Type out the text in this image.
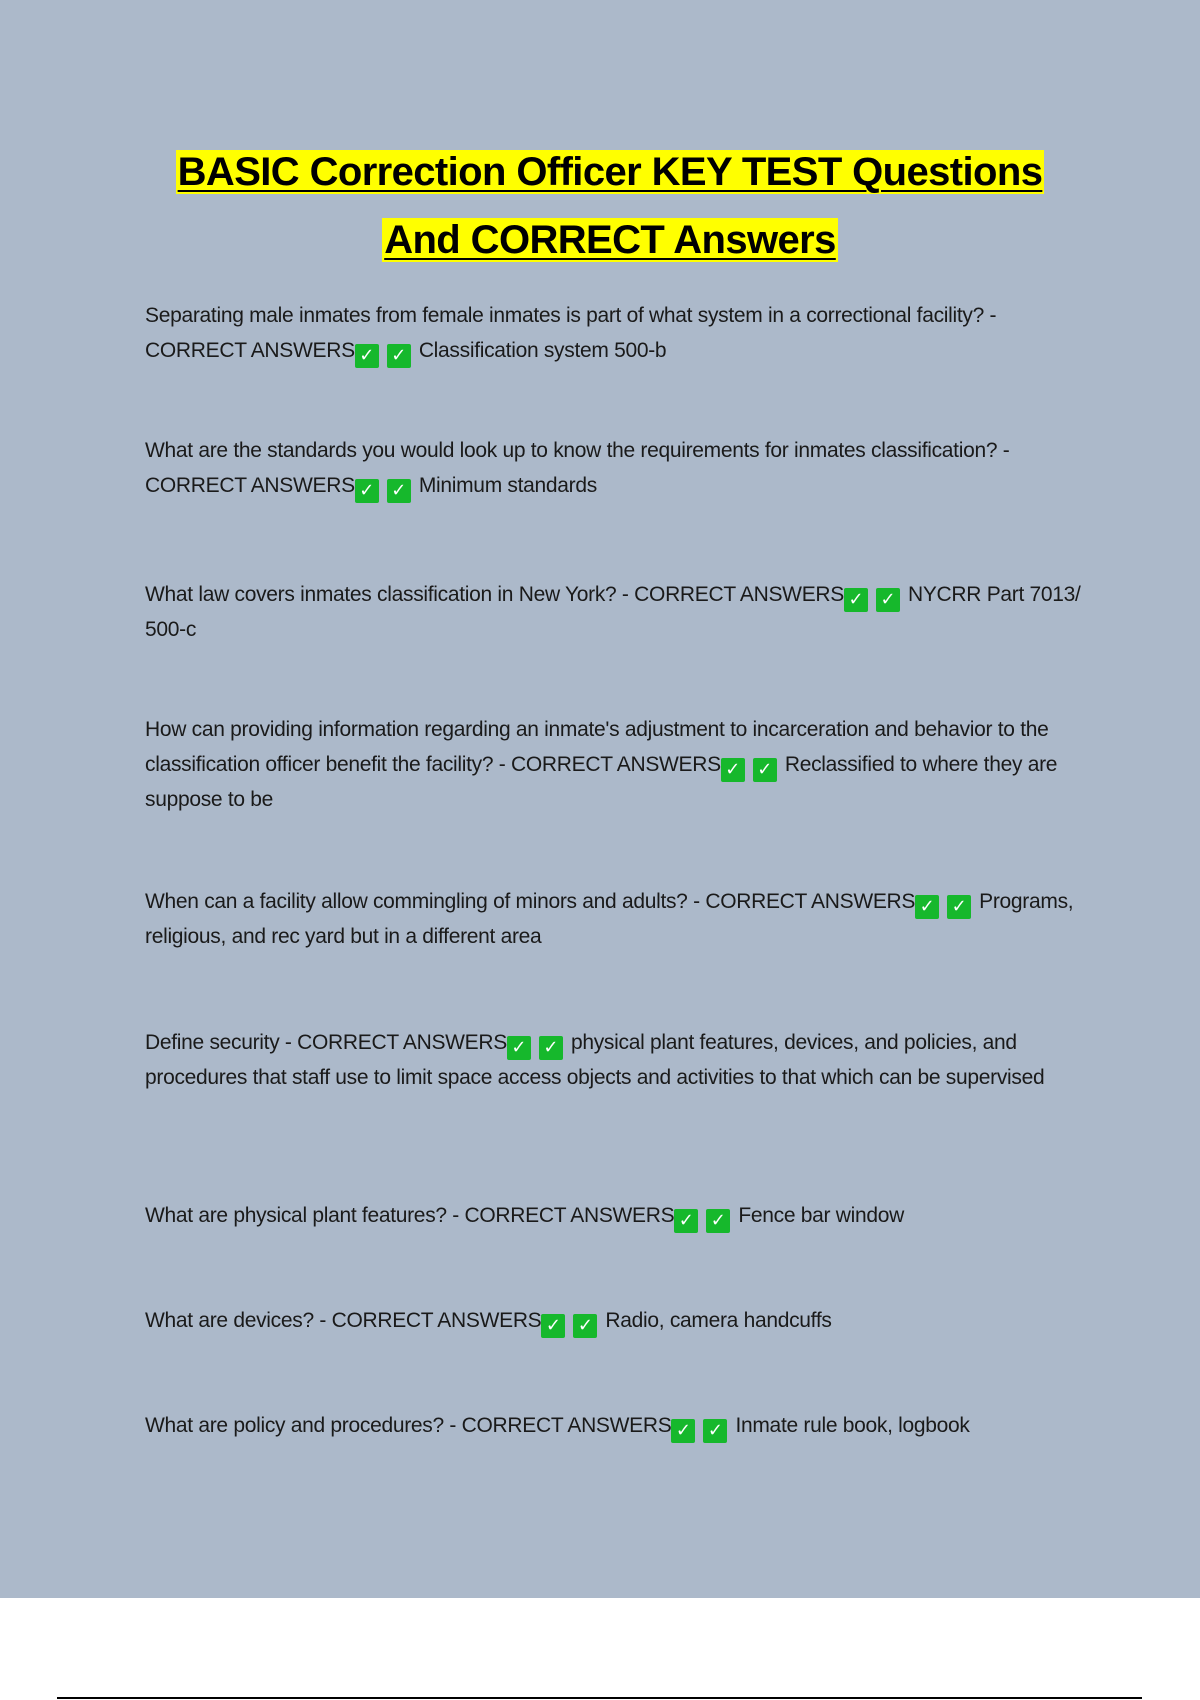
BASIC Correction Officer KEY TEST Questions
And CORRECT Answers

Separating male inmates from female inmates is part of what system in a correctional facility? - CORRECT ANSWERS ✓ ✓ Classification system 500-b

What are the standards you would look up to know the requirements for inmates classification? - CORRECT ANSWERS ✓ ✓ Minimum standards

What law covers inmates classification in New York? - CORRECT ANSWERS ✓ ✓ NYCRR Part 7013/ 500-c

How can providing information regarding an inmate's adjustment to incarceration and behavior to the classification officer benefit the facility? - CORRECT ANSWERS ✓ ✓ Reclassified to where they are suppose to be

When can a facility allow commingling of minors and adults? - CORRECT ANSWERS ✓ ✓ Programs, religious, and rec yard but in a different area

Define security - CORRECT ANSWERS ✓ ✓ physical plant features, devices, and policies, and procedures that staff use to limit space access objects and activities to that which can be supervised

What are physical plant features? - CORRECT ANSWERS ✓ ✓ Fence bar window

What are devices? - CORRECT ANSWERS ✓ ✓ Radio, camera handcuffs

What are policy and procedures? - CORRECT ANSWERS ✓ ✓ Inmate rule book, logbook
